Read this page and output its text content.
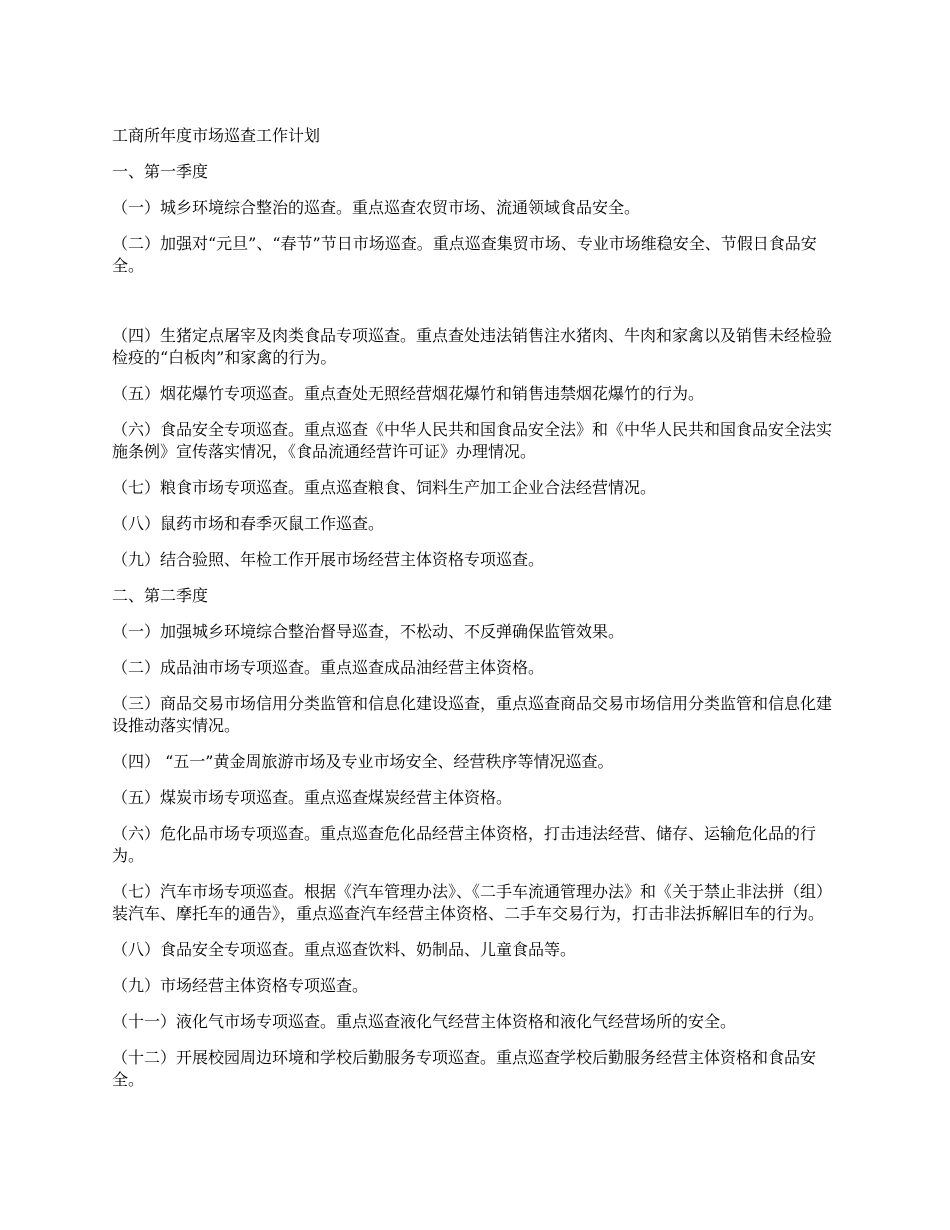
工商所年度市场巡查工作计划

一、第一季度

（一）城乡环境综合整治的巡查。重点巡查农贸市场、流通领域食品安全。

（二）加强对“元旦”、“春节”节日市场巡查。重点巡查集贸市场、专业市场维稳安全、节假日食品安全。

（四）生猪定点屠宰及肉类食品专项巡查。重点查处违法销售注水猪肉、牛肉和家禽以及销售未经检验检疫的“白板肉”和家禽的行为。

（五）烟花爆竹专项巡查。重点查处无照经营烟花爆竹和销售违禁烟花爆竹的行为。

（六）食品安全专项巡查。重点巡查《中华人民共和国食品安全法》和《中华人民共和国食品安全法实施条例》宣传落实情况，《食品流通经营许可证》办理情况。

（七）粮食市场专项巡查。重点巡查粮食、饲料生产加工企业合法经营情况。

（八）鼠药市场和春季灭鼠工作巡查。

（九）结合验照、年检工作开展市场经营主体资格专项巡查。

二、第二季度

（一）加强城乡环境综合整治督导巡查，不松动、不反弹确保监管效果。

（二）成品油市场专项巡查。重点巡查成品油经营主体资格。

（三）商品交易市场信用分类监管和信息化建设巡查，重点巡查商品交易市场信用分类监管和信息化建设推动落实情况。

（四） “五一”黄金周旅游市场及专业市场安全、经营秩序等情况巡查。

（五）煤炭市场专项巡查。重点巡查煤炭经营主体资格。

（六）危化品市场专项巡查。重点巡查危化品经营主体资格，打击违法经营、储存、运输危化品的行为。

（七）汽车市场专项巡查。根据《汽车管理办法》、《二手车流通管理办法》和《关于禁止非法拼（组）装汽车、摩托车的通告》，重点巡查汽车经营主体资格、二手车交易行为，打击非法拆解旧车的行为。

（八）食品安全专项巡查。重点巡查饮料、奶制品、儿童食品等。

（九）市场经营主体资格专项巡查。

（十一）液化气市场专项巡查。重点巡查液化气经营主体资格和液化气经营场所的安全。

（十二）开展校园周边环境和学校后勤服务专项巡查。重点巡查学校后勤服务经营主体资格和食品安全。
